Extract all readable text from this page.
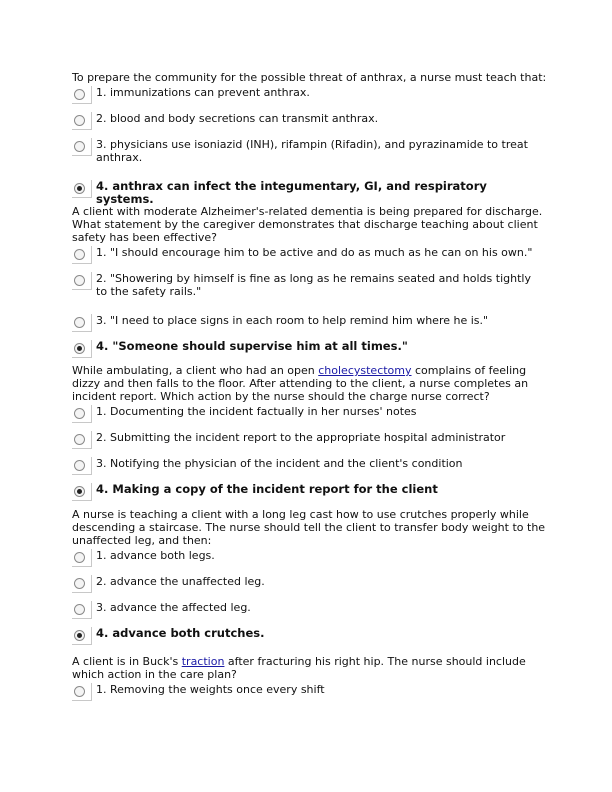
To prepare the community for the possible threat of anthrax, a nurse must teach that:

1. immunizations can prevent anthrax.
2. blood and body secretions can transmit anthrax.
3. physicians use isoniazid (INH), rifampin (Rifadin), and pyrazinamide to treat anthrax.
4. anthrax can infect the integumentary, GI, and respiratory systems.

A client with moderate Alzheimer's-related dementia is being prepared for discharge. What statement by the caregiver demonstrates that discharge teaching about client safety has been effective?

1. "I should encourage him to be active and do as much as he can on his own."
2. "Showering by himself is fine as long as he remains seated and holds tightly to the safety rails."
3. "I need to place signs in each room to help remind him where he is."
4. "Someone should supervise him at all times."

While ambulating, a client who had an open cholecystectomy complains of feeling dizzy and then falls to the floor. After attending to the client, a nurse completes an incident report. Which action by the nurse should the charge nurse correct?

1. Documenting the incident factually in her nurses' notes
2. Submitting the incident report to the appropriate hospital administrator
3. Notifying the physician of the incident and the client's condition
4. Making a copy of the incident report for the client

A nurse is teaching a client with a long leg cast how to use crutches properly while descending a staircase. The nurse should tell the client to transfer body weight to the unaffected leg, and then:

1. advance both legs.
2. advance the unaffected leg.
3. advance the affected leg.
4. advance both crutches.

A client is in Buck's traction after fracturing his right hip. The nurse should include which action in the care plan?

1. Removing the weights once every shift
